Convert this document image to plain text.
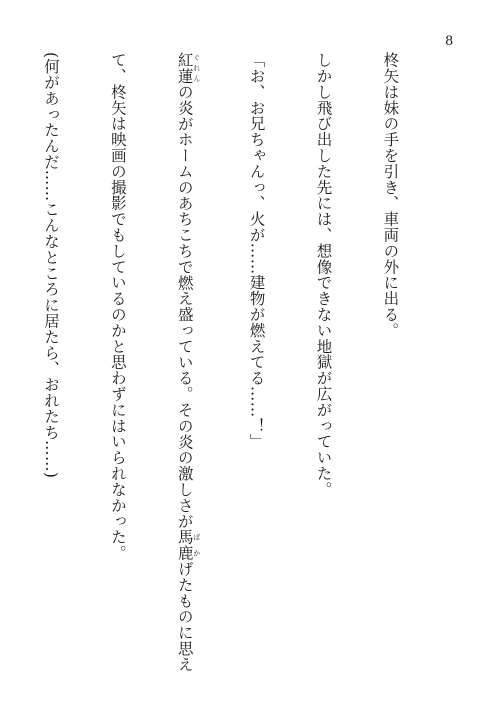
8

柊矢は妹の手を引き、車両の外に出る。

しかし飛び出した先には、想像できない地獄が広がっていた。

「お、お兄ちゃんっ、火が……建物が燃えてる……！」

紅蓮 ぐれんの炎がホームのあちこちで燃え盛っている。その炎の激しさが馬鹿 ばかげたものに思え

て、柊矢は映画の撮影でもしているのかと思わずにはいられなかった。

(何があったんだ……こんなところに居たら、おれたち……)
